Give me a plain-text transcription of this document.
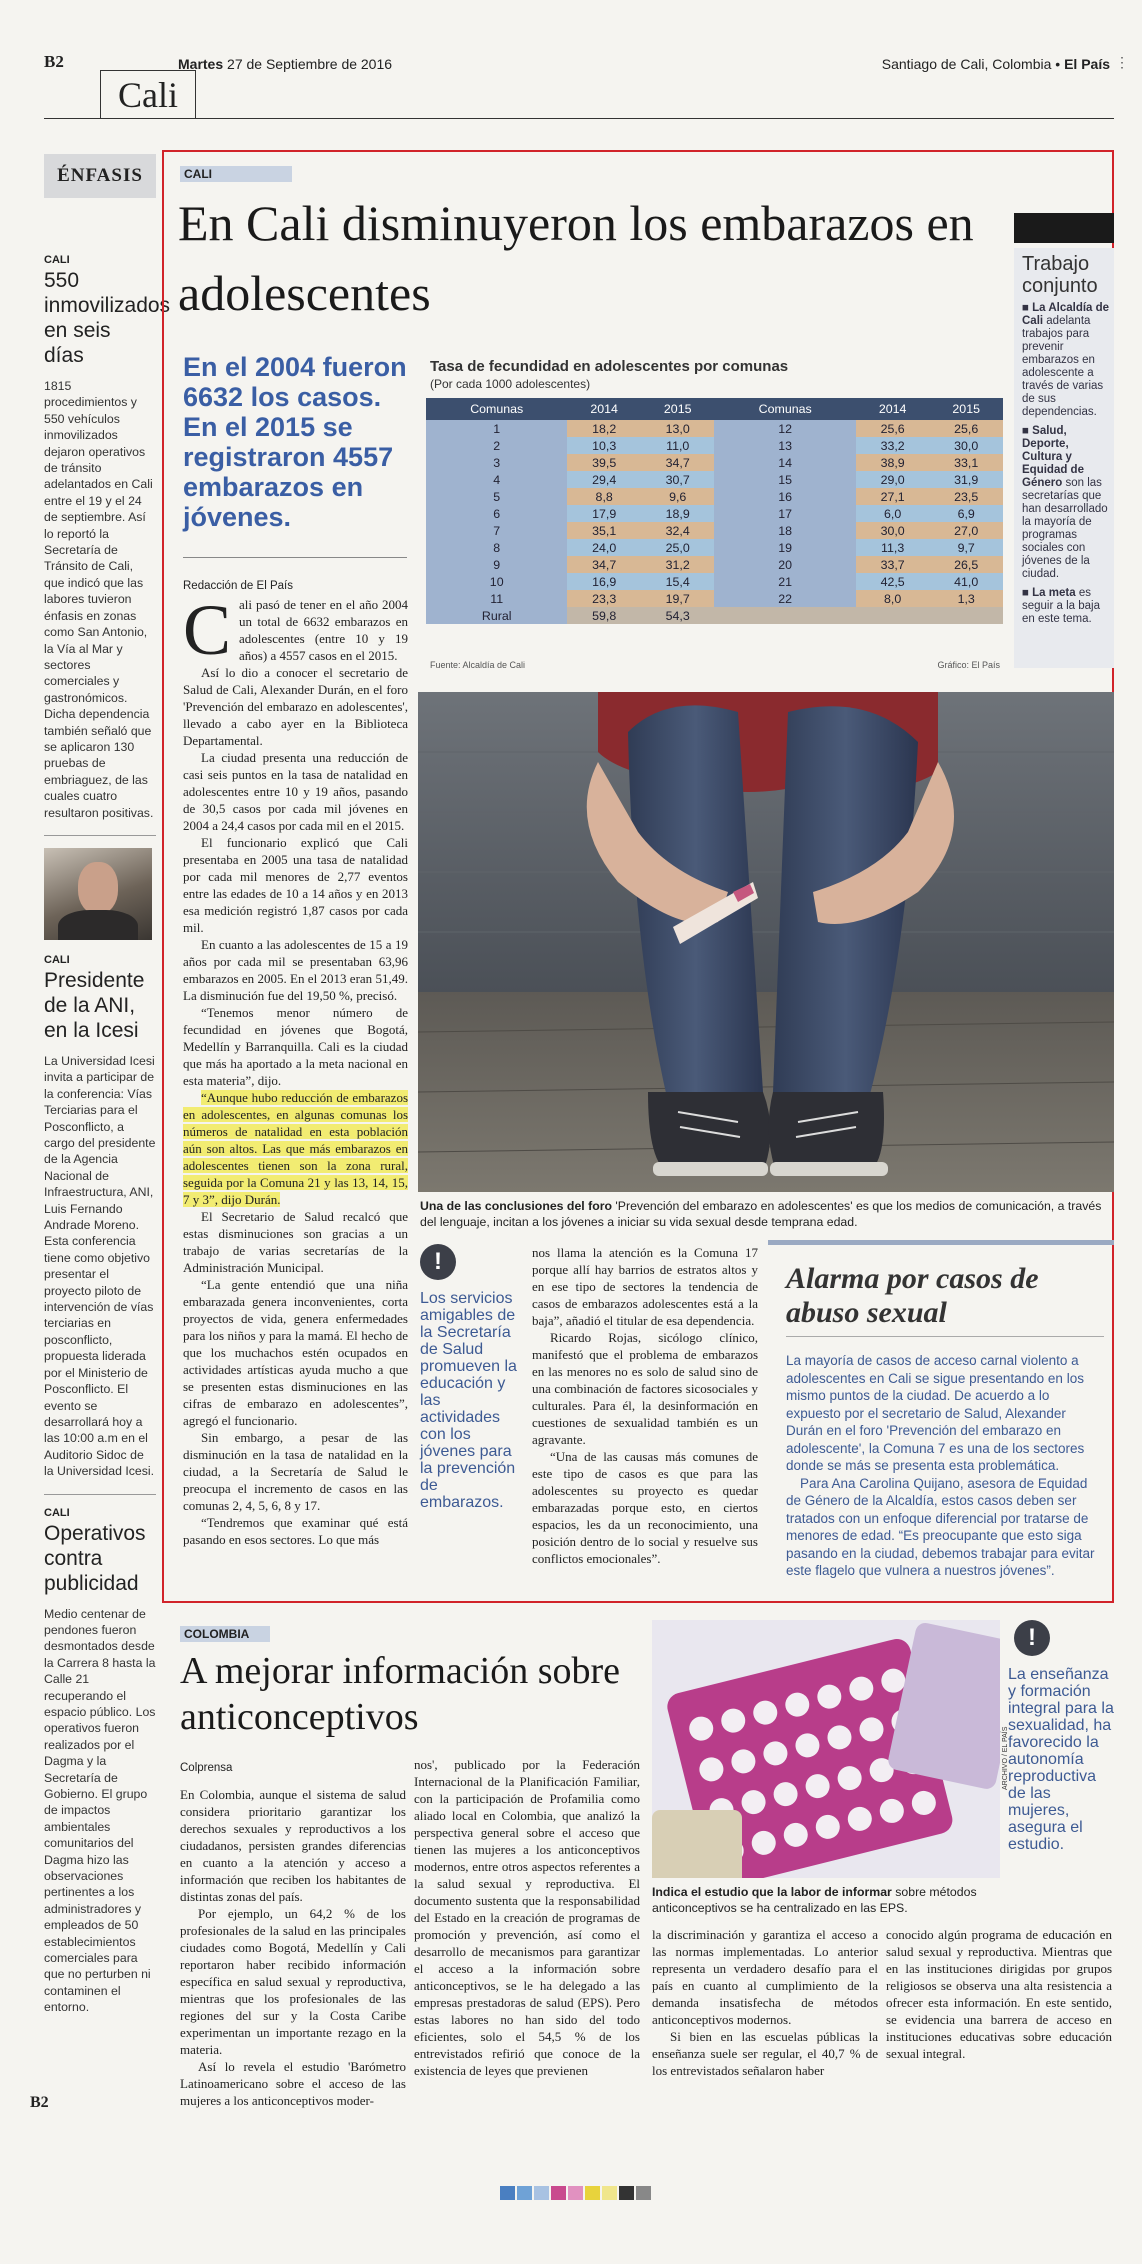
B2
Cali
Martes 27 de Septiembre de 2016	Santiago de Cali, Colombia • El País ⋮
ÉNFASIS
CALI
550 inmovilizados en seis días
1815 procedimientos y 550 vehículos inmovilizados dejaron operativos de tránsito adelantados en Cali entre el 19 y el 24 de septiembre. Así lo reportó la Secretaría de Tránsito de Cali, que indicó que las labores tuvieron énfasis en zonas como San Antonio, la Vía al Mar y sectores comerciales y gastronómicos. Dicha dependencia también señaló que se aplicaron 130 pruebas de embriaguez, de las cuales cuatro resultaron positivas.
CALI
Presidente de la ANI, en la Icesi
La Universidad Icesi invita a participar de la conferencia: Vías Terciarias para el Posconflicto, a cargo del presidente de la Agencia Nacional de Infraestructura, ANI, Luis Fernando Andrade Moreno. Esta conferencia tiene como objetivo presentar el proyecto piloto de intervención de vías terciarias en posconflicto, propuesta liderada por el Ministerio de Posconflicto. El evento se desarrollará hoy a las 10:00 a.m en el Auditorio Sidoc de la Universidad Icesi.
CALI
Operativos contra publicidad
Medio centenar de pendones fueron desmontados desde la Carrera 8 hasta la Calle 21 recuperando el espacio público. Los operativos fueron realizados por el Dagma y la Secretaría de Gobierno. El grupo de impactos ambientales comunitarios del Dagma hizo las observaciones pertinentes a los administradores y empleados de 50 establecimientos comerciales para que no perturben ni contaminen el entorno.
CALI
En Cali disminuyeron los embarazos en adolescentes
En el 2004 fueron 6632 los casos. En el 2015 se registraron 4557 embarazos en jóvenes.
Redacción de El País

Cali pasó de tener en el año 2004 un total de 6632 embarazos en adolescentes (entre 10 y 19 años) a 4557 casos en el 2015.

Así lo dio a conocer el secretario de Salud de Cali, Alexander Durán, en el foro 'Prevención del embarazo en adolescentes', llevado a cabo ayer en la Biblioteca Departamental.

La ciudad presenta una reducción de casi seis puntos en la tasa de natalidad en adolescentes entre 10 y 19 años, pasando de 30,5 casos por cada mil jóvenes en 2004 a 24,4 casos por cada mil en el 2015.

El funcionario explicó que Cali presentaba en 2005 una tasa de natalidad por cada mil menores de 2,77 eventos entre las edades de 10 a 14 años y en 2013 esa medición registró 1,87 casos por cada mil.

En cuanto a las adolescentes de 15 a 19 años por cada mil se presentaban 63,96 embarazos en 2005. En el 2013 eran 51,49. La disminución fue del 19,50 %, precisó.

“Tenemos menor número de fecundidad en jóvenes que Bogotá, Medellín y Barranquilla. Cali es la ciudad que más ha aportado a la meta nacional en esta materia”, dijo.

“Aunque hubo reducción de embarazos en adolescentes, en algunas comunas los números de natalidad en esta población aún son altos. Las que más embarazos en adolescentes tienen son la zona rural, seguida por la Comuna 21 y las 13, 14, 15, 7 y 3”, dijo Durán.

El Secretario de Salud recalcó que estas disminuciones son gracias a un trabajo de varias secretarías de la Administración Municipal.

“La gente entendió que una niña embarazada genera inconvenientes, corta proyectos de vida, genera enfermedades para los niños y para la mamá. El hecho de que los muchachos estén ocupados en actividades artísticas ayuda mucho a que se presenten estas disminuciones en las cifras de embarazo en adolescentes”, agregó el funcionario.

Sin embargo, a pesar de las disminución en la tasa de natalidad en la ciudad, a la Secretaría de Salud le preocupa el incremento de casos en las comunas 2, 4, 5, 6, 8 y 17.

“Tendremos que examinar qué está pasando en esos sectores. Lo que más

nos llama la atención es la Comuna 17 porque allí hay barrios de estratos altos y en ese tipo de sectores la tendencia de casos de embarazos adolescentes está a la baja”, añadió el titular de esa dependencia.

Ricardo Rojas, sicólogo clínico, manifestó que el problema de embarazos en las menores no es solo de salud sino de una combinación de factores sicosociales y culturales. Para él, la desinformación en cuestiones de sexualidad también es un agravante.

“Una de las causas más comunes de este tipo de casos es que para las adolescentes su proyecto es quedar embarazadas porque esto, en ciertos espacios, les da un reconocimiento, una posición dentro de lo social y resuelve sus conflictos emocionales”.

Trabajo conjunto
■ La Alcaldía de Cali adelanta trabajos para prevenir embarazos en adolescente a través de varias de sus dependencias.
■ Salud, Deporte, Cultura y Equidad de Género son las secretarías que han desarrollado la mayoría de programas sociales con jóvenes de la ciudad.
■ La meta es seguir a la baja en este tema.
Tasa de fecundidad en adolescentes por comunas
(Por cada 1000 adolescentes)
Comunas	2014	2015	Comunas	2014	2015
1	18,2	13,0	12	25,6	25,6
2	10,3	11,0	13	33,2	30,0
3	39,5	34,7	14	38,9	33,1
4	29,4	30,7	15	29,0	31,9
5	8,8	9,6	16	27,1	23,5
6	17,9	18,9	17	6,0	6,9
7	35,1	32,4	18	30,0	27,0
8	24,0	25,0	19	11,3	9,7
9	34,7	31,2	20	33,7	26,5
10	16,9	15,4	21	42,5	41,0
11	23,3	19,7	22	8,0	1,3
Rural	59,8	54,3			
Fuente: Alcaldía de Cali	Gráfico: El País
Una de las conclusiones del foro 'Prevención del embarazo en adolescentes' es que los medios de comunicación, a través del lenguaje, incitan a los jóvenes a iniciar su vida sexual desde temprana edad.
!
Los servicios amigables de la Secretaría de Salud promueven la educación y las actividades con los jóvenes para la prevención de embarazos.
Alarma por casos de abuso sexual

La mayoría de casos de acceso carnal violento a adolescentes en Cali se sigue presentando en los mismo puntos de la ciudad. De acuerdo a lo expuesto por el secretario de Salud, Alexander Durán en el foro 'Prevención del embarazo en adolescente', la Comuna 7 es una de los sectores donde se más se presenta esta problemática.

Para Ana Carolina Quijano, asesora de Equidad de Género de la Alcaldía, estos casos deben ser tratados con un enfoque diferencial por tratarse de menores de edad. “Es preocupante que esto siga pasando en la ciudad, debemos trabajar para evitar este flagelo que vulnera a nuestros jóvenes”.

COLOMBIA
A mejorar información sobre anticonceptivos
Colprensa

En Colombia, aunque el sistema de salud considera prioritario garantizar los derechos sexuales y reproductivos a los ciudadanos, persisten grandes diferencias en cuanto a la atención y acceso a información que reciben los habitantes de distintas zonas del país.

Por ejemplo, un 64,2 % de los profesionales de la salud en las principales ciudades como Bogotá, Medellín y Cali reportaron haber recibido información específica en salud sexual y reproductiva, mientras que los profesionales de las regiones del sur y la Costa Caribe experimentan un importante rezago en la materia.

Así lo revela el estudio 'Barómetro Latinoamericano sobre el acceso de las mujeres a los anticonceptivos moder-

nos', publicado por la Federación Internacional de la Planificación Familiar, con la participación de Profamilia como aliado local en Colombia, que analizó la perspectiva general sobre el acceso que tienen las mujeres a los anticonceptivos modernos, entre otros aspectos referentes a la salud sexual y reproductiva. El documento sustenta que la responsabilidad del Estado en la creación de programas de promoción y prevención, así como el desarrollo de mecanismos para garantizar el acceso a la información sobre anticonceptivos, se le ha delegado a las empresas prestadoras de salud (EPS). Pero estas labores no han sido del todo eficientes, solo el 54,5 % de los entrevistados refirió que conoce de la existencia de leyes que previenen

la discriminación y garantiza el acceso a las normas implementadas. Lo anterior representa un verdadero desafío para el país en cuanto al cumplimiento de la demanda insatisfecha de métodos anticonceptivos modernos.

Si bien en las escuelas públicas la enseñanza suele ser regular, el 40,7 % de los entrevistados señalaron haber

conocido algún programa de educación en salud sexual y reproductiva. Mientras que en las instituciones dirigidas por grupos religiosos se observa una alta resistencia a ofrecer esta información. En este sentido, se evidencia una barrera de acceso en instituciones educativas sobre educación sexual integral.

ARCHIVO / EL PAÍS
Indica el estudio que la labor de informar sobre métodos anticonceptivos se ha centralizado en las EPS.
!
La enseñanza y formación integral para la sexualidad, ha favorecido la autonomía reproductiva de las mujeres, asegura el estudio.
B2
